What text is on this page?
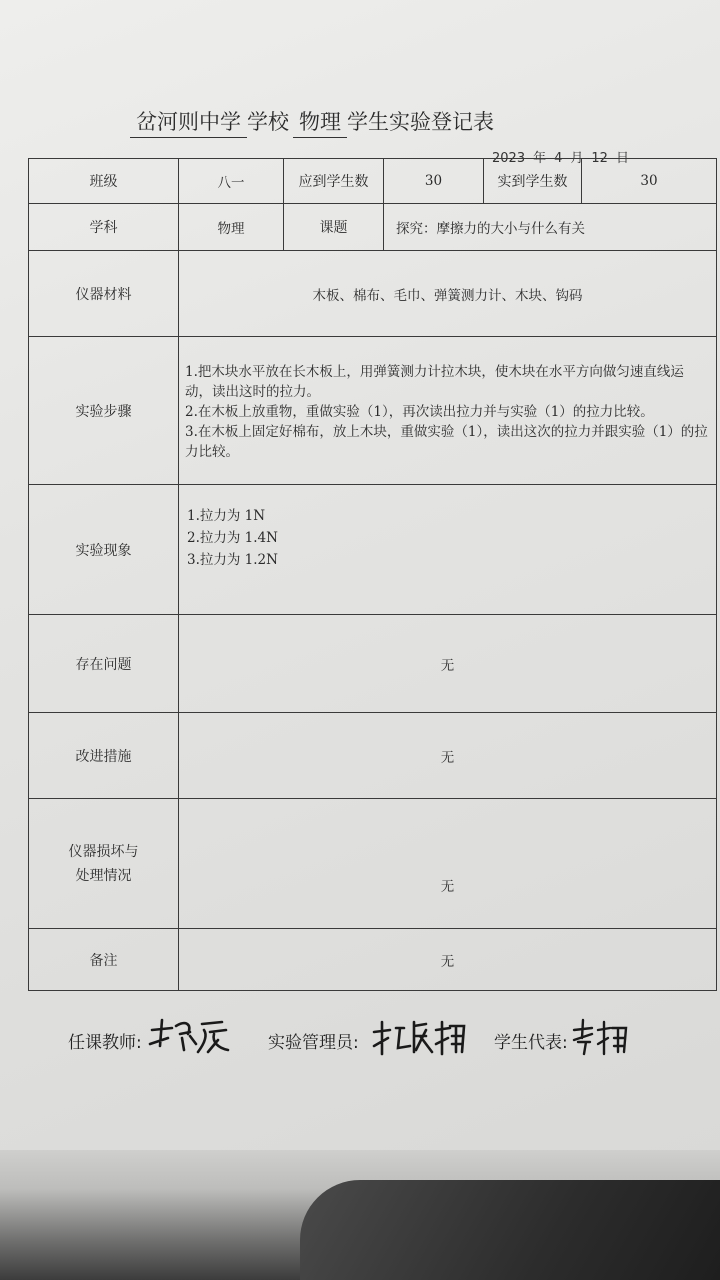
岔河则中学 学校 物理 学生实验登记表
2023 年 4 月 12 日
班级	八一	应到学生数	30	实到学生数	30
学科	物理	课题	探究：摩擦力的大小与什么有关		
仪器材料	木板、棉布、毛巾、弹簧测力计、木块、钩码				
实验步骤	1.把木块水平放在长木板上，用弹簧测力计拉木块，使木块在水平方向做匀速直线运动，读出这时的拉力。
2.在木板上放重物，重做实验（1），再次读出拉力并与实验（1）的拉力比较。
3.在木板上固定好棉布，放上木块，重做实验（1），读出这次的拉力并跟实验（1）的拉力比较。				

实验现象	1.拉力为 1N
2.拉力为 1.4N
3.拉力为 1.2N				

存在问题	无				
改进措施	无				

仪器损坏与
处理情况	无				
备注	无				
任课教师:	实验管理员:	学生代表:
